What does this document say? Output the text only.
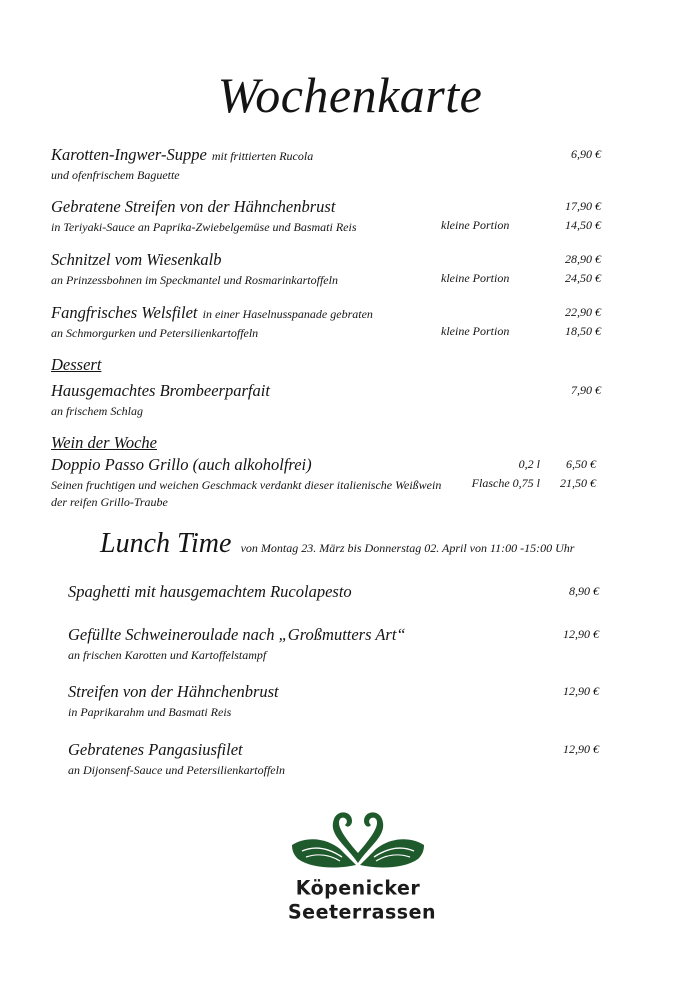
Wochenkarte
Karotten-Ingwer-Suppe mit frittierten Rucola	6,90 €
und ofenfrischem Baguette
Gebratene Streifen von der Hähnchenbrust	17,90 €
in Teriyaki-Sauce an Paprika-Zwiebelgemüse und Basmati Reis	kleine Portion	14,50 €
Schnitzel vom Wiesenkalb	28,90 €
an Prinzessbohnen im Speckmantel und Rosmarinkartoffeln	kleine Portion	24,50 €
Fangfrisches Welsfilet in einer Haselnusspanade gebraten	22,90 €
an Schmorgurken und Petersilienkartoffeln	kleine Portion	18,50 €
Dessert
Hausgemachtes Brombeerparfait	7,90 €
an frischem Schlag
Wein der Woche
Doppio Passo Grillo (auch alkoholfrei)	0,2 l 6,50 €
Seinen fruchtigen und weichen Geschmack verdankt dieser italienische Weißwein	Flasche 0,75 l 21,50 €
der reifen Grillo-Traube
Lunch Time von Montag 23. März bis Donnerstag 02. April von 11:00 -15:00 Uhr
Spaghetti mit hausgemachtem Rucolapesto	8,90 €
Gefüllte Schweineroulade nach „Großmutters Art“	12,90 €
an frischen Karotten und Kartoffelstampf
Streifen von der Hähnchenbrust	12,90 €
in Paprikarahm und Basmati Reis
Gebratenes Pangasiusfilet	12,90 €
an Dijonsenf-Sauce und Petersilienkartoffeln
Köpenicker
Seeterrassen
